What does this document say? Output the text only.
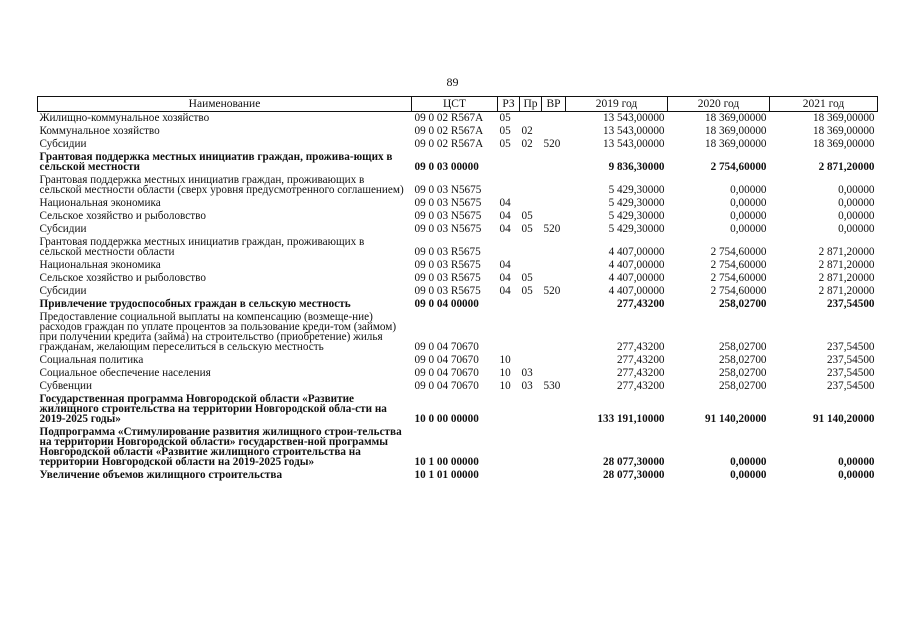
89
Наименование	ЦСТ	РЗ	Пр	ВР	2019 год	2020 год	2021 год
Жилищно-коммунальное хозяйство	09 0 02 R567A	05			13 543,00000	18 369,00000	18 369,00000
Коммунальное хозяйство	09 0 02 R567A	05	02		13 543,00000	18 369,00000	18 369,00000
Субсидии	09 0 02 R567A	05	02	520	13 543,00000	18 369,00000	18 369,00000
Грантовая поддержка местных инициатив граждан, прожива-ющих в сельской местности	09 0 03 00000				9 836,30000	2 754,60000	2 871,20000
Грантовая поддержка местных инициатив граждан, проживающих в сельской местности области (сверх уровня предусмотренного соглашением)	09 0 03 N5675				5 429,30000	0,00000	0,00000
Национальная экономика	09 0 03 N5675	04			5 429,30000	0,00000	0,00000
Сельское хозяйство и рыболовство	09 0 03 N5675	04	05		5 429,30000	0,00000	0,00000
Субсидии	09 0 03 N5675	04	05	520	5 429,30000	0,00000	0,00000
Грантовая поддержка местных инициатив граждан, проживающих в сельской местности области	09 0 03 R5675				4 407,00000	2 754,60000	2 871,20000
Национальная экономика	09 0 03 R5675	04			4 407,00000	2 754,60000	2 871,20000
Сельское хозяйство и рыболовство	09 0 03 R5675	04	05		4 407,00000	2 754,60000	2 871,20000
Субсидии	09 0 03 R5675	04	05	520	4 407,00000	2 754,60000	2 871,20000
Привлечение трудоспособных граждан в сельскую местность	09 0 04 00000				277,43200	258,02700	237,54500
Предоставление социальной выплаты на компенсацию (возмеще-ние) расходов граждан по уплате процентов за пользование креди-том (займом) при получении кредита (займа) на строительство (приобретение) жилья гражданам, желающим переселиться в сельскую местность	09 0 04 70670				277,43200	258,02700	237,54500
Социальная политика	09 0 04 70670	10			277,43200	258,02700	237,54500
Социальное обеспечение населения	09 0 04 70670	10	03		277,43200	258,02700	237,54500
Субвенции	09 0 04 70670	10	03	530	277,43200	258,02700	237,54500
Государственная программа Новгородской области «Развитие жилищного строительства на территории Новгородской обла-сти на 2019-2025 годы»	10 0 00 00000				133 191,10000	91 140,20000	91 140,20000
Подпрограмма «Стимулирование развития жилищного строи-тельства на территории Новгородской области» государствен-ной программы Новгородской области «Развитие жилищного строительства на территории Новгородской области на 2019-2025 годы»	10 1 00 00000				28 077,30000	0,00000	0,00000
Увеличение объемов жилищного строительства	10 1 01 00000				28 077,30000	0,00000	0,00000
